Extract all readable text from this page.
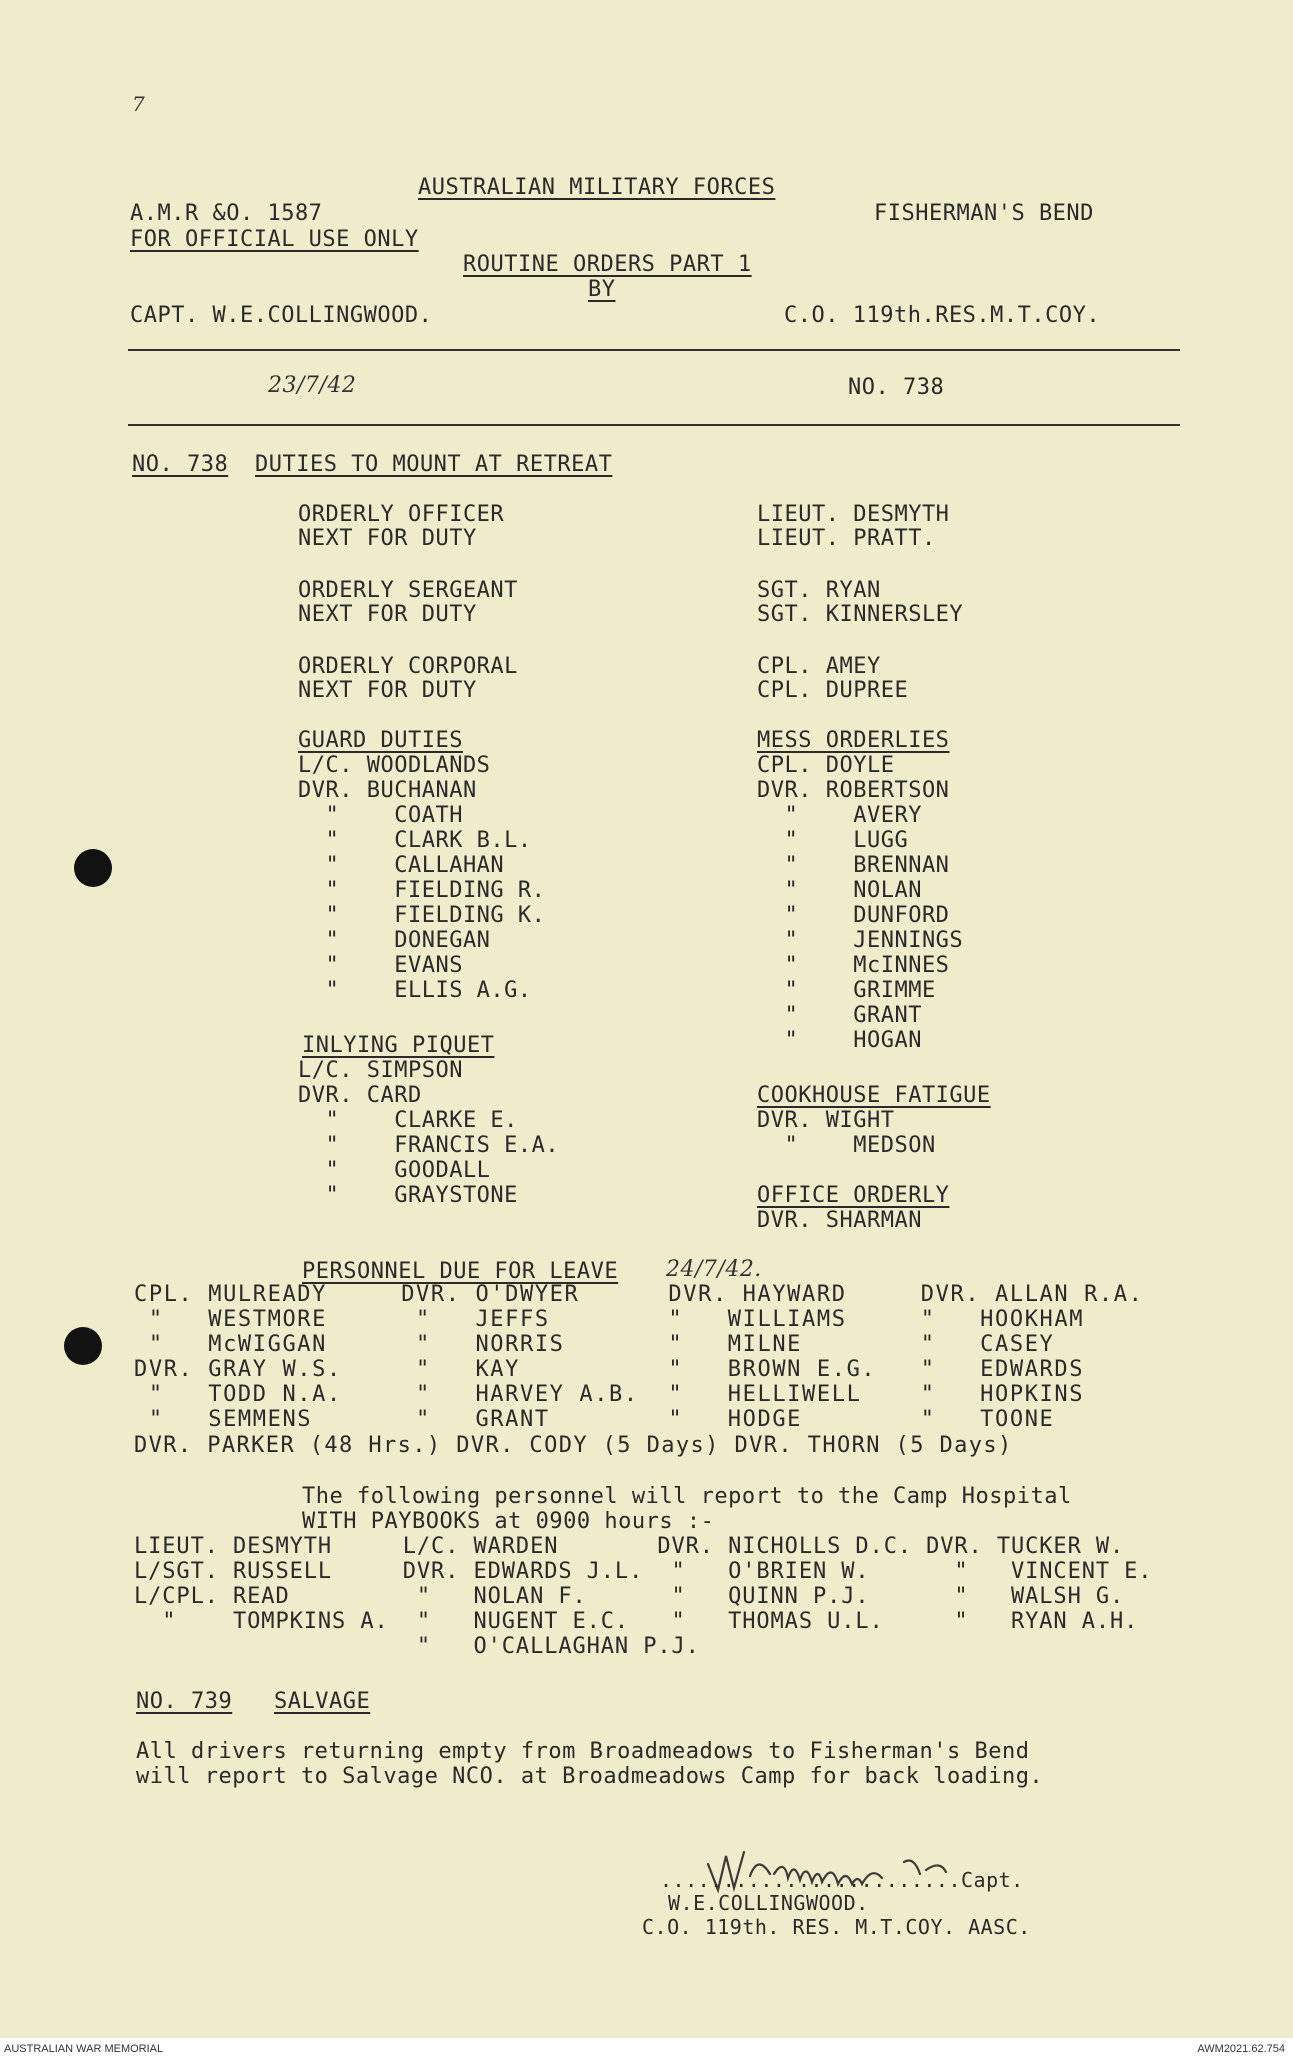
7
AUSTRALIAN MILITARY FORCES
A.M.R &O. 1587	FISHERMAN'S BEND
FOR OFFICIAL USE ONLY
ROUTINE ORDERS PART 1
BY
CAPT. W.E.COLLINGWOOD.	C.O. 119th.RES.M.T.COY.
23/7/42	NO. 738
NO. 738 DUTIES TO MOUNT AT RETREAT
ORDERLY OFFICER	LIEUT. DESMYTH
NEXT FOR DUTY	LIEUT. PRATT.
ORDERLY SERGEANT	SGT. RYAN
NEXT FOR DUTY	SGT. KINNERSLEY
ORDERLY CORPORAL	CPL. AMEY
NEXT FOR DUTY	CPL. DUPREE
GUARD DUTIES
L/C. WOODLANDS
DVR. BUCHANAN
"    COATH
"    CLARK B.L.
"    CALLAHAN
"    FIELDING R.
"    FIELDING K.
"    DONEGAN
"    EVANS
"    ELLIS A.G.
MESS ORDERLIES
CPL. DOYLE
DVR. ROBERTSON
"    AVERY
"    LUGG
"    BRENNAN
"    NOLAN
"    DUNFORD
"    JENNINGS
"    McINNES
"    GRIMME
"    GRANT
"    HOGAN
INLYING PIQUET
L/C. SIMPSON
DVR. CARD
"    CLARKE E.
"    FRANCIS E.A.
"    GOODALL
"    GRAYSTONE
COOKHOUSE FATIGUE
DVR. WIGHT
"    MEDSON
OFFICE ORDERLY
DVR. SHARMAN
PERSONNEL DUE FOR LEAVE 24/7/42.
CPL. MULREADY     DVR. O'DWYER      DVR. HAYWARD     DVR. ALLAN R.A.
"   WESTMORE      "   JEFFS        "   WILLIAMS     "   HOOKHAM
"   McWIGGAN      "   NORRIS       "   MILNE        "   CASEY
DVR. GRAY W.S.     "   KAY          "   BROWN E.G.   "   EDWARDS
"   TODD N.A.     "   HARVEY A.B.  "   HELLIWELL    "   HOPKINS
"   SEMMENS       "   GRANT        "   HODGE        "   TOONE
DVR. PARKER (48 Hrs.) DVR. CODY (5 Days) DVR. THORN (5 Days)
The following personnel will report to the Camp Hospital
WITH PAYBOOKS at 0900 hours :-
LIEUT. DESMYTH     L/C. WARDEN       DVR. NICHOLLS D.C. DVR. TUCKER W.
L/SGT. RUSSELL     DVR. EDWARDS J.L.  "   O'BRIEN W.      "   VINCENT E.
L/CPL. READ         "   NOLAN F.      "   QUINN P.J.      "   WALSH G.
"    TOMPKINS A.  "   NUGENT E.C.   "   THOMAS U.L.     "   RYAN A.H.
"   O'CALLAGHAN P.J.
NO. 739 SALVAGE
All drivers returning empty from Broadmeadows to Fisherman's Bend
will report to Salvage NCO. at Broadmeadows Camp for back loading.
........................Capt.
W.E.COLLINGWOOD.
C.O. 119th. RES. M.T.COY. AASC.
AUSTRALIAN WAR MEMORIAL	AWM2021.62.754
